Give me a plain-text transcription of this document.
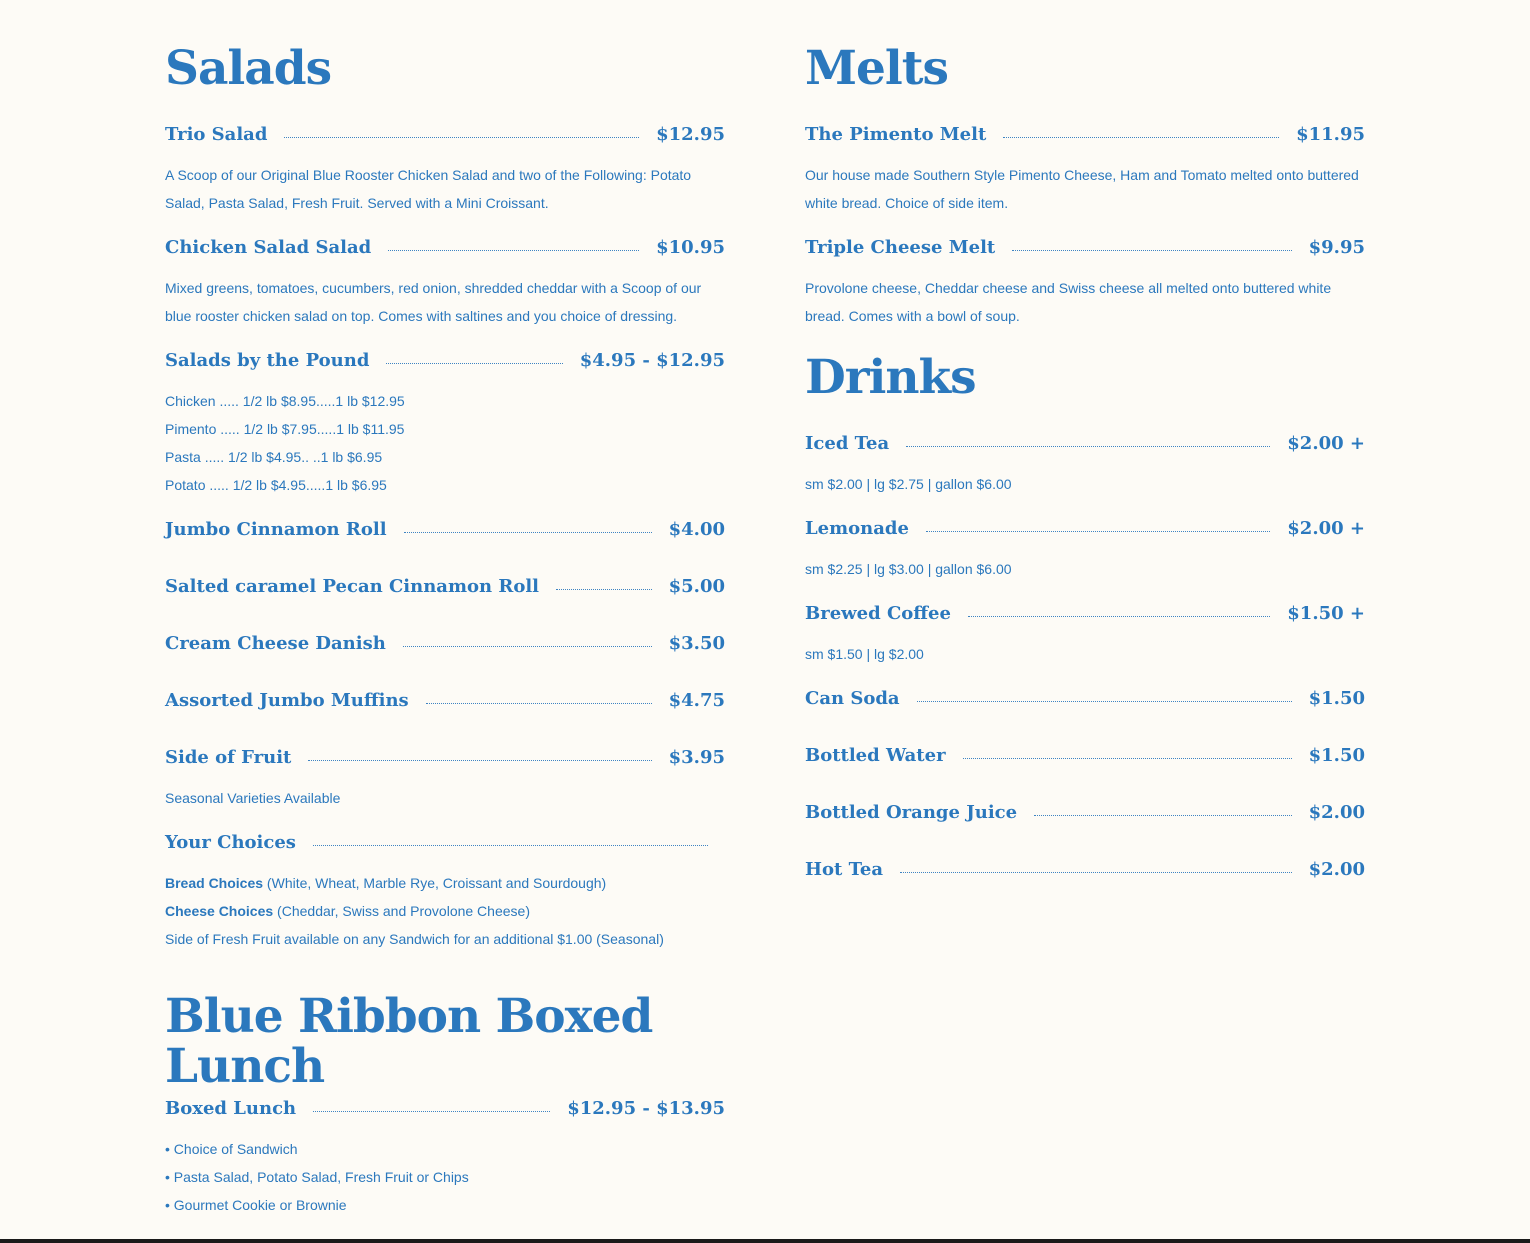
Salads
Trio Salad	$12.95

A Scoop of our Original Blue Rooster Chicken Salad and two of the Following: Potato Salad, Pasta Salad, Fresh Fruit. Served with a Mini Croissant.

Chicken Salad Salad	$10.95

Mixed greens, tomatoes, cucumbers, red onion, shredded cheddar with a Scoop of our blue rooster chicken salad on top. Comes with saltines and you choice of dressing.

Salads by the Pound	$4.95 - $12.95

Chicken ..... 1/2 lb $8.95.....1 lb $12.95

Pimento ..... 1/2 lb $7.95.....1 lb $11.95

Pasta ..... 1/2 lb $4.95.. ..1 lb $6.95

Potato ..... 1/2 lb $4.95.....1 lb $6.95

Jumbo Cinnamon Roll	$4.00
Salted caramel Pecan Cinnamon Roll	$5.00
Cream Cheese Danish	$3.50
Assorted Jumbo Muffins	$4.75
Side of Fruit	$3.95

Seasonal Varieties Available

Your Choices

Bread Choices (White, Wheat, Marble Rye, Croissant and Sourdough)

Cheese Choices (Cheddar, Swiss and Provolone Cheese)

Side of Fresh Fruit available on any Sandwich for an additional $1.00 (Seasonal)

Blue Ribbon Boxed
Lunch
Boxed Lunch	$12.95 - $13.95

• Choice of Sandwich

• Pasta Salad, Potato Salad, Fresh Fruit or Chips

• Gourmet Cookie or Brownie

Melts
The Pimento Melt	$11.95

Our house made Southern Style Pimento Cheese, Ham and Tomato melted onto buttered white bread. Choice of side item.

Triple Cheese Melt	$9.95

Provolone cheese, Cheddar cheese and Swiss cheese all melted onto buttered white bread. Comes with a bowl of soup.

Drinks
Iced Tea	$2.00 +

sm $2.00 | lg $2.75 | gallon $6.00

Lemonade	$2.00 +

sm $2.25 | lg $3.00 | gallon $6.00

Brewed Coffee	$1.50 +

sm $1.50 | lg $2.00

Can Soda	$1.50
Bottled Water	$1.50
Bottled Orange Juice	$2.00
Hot Tea	$2.00
